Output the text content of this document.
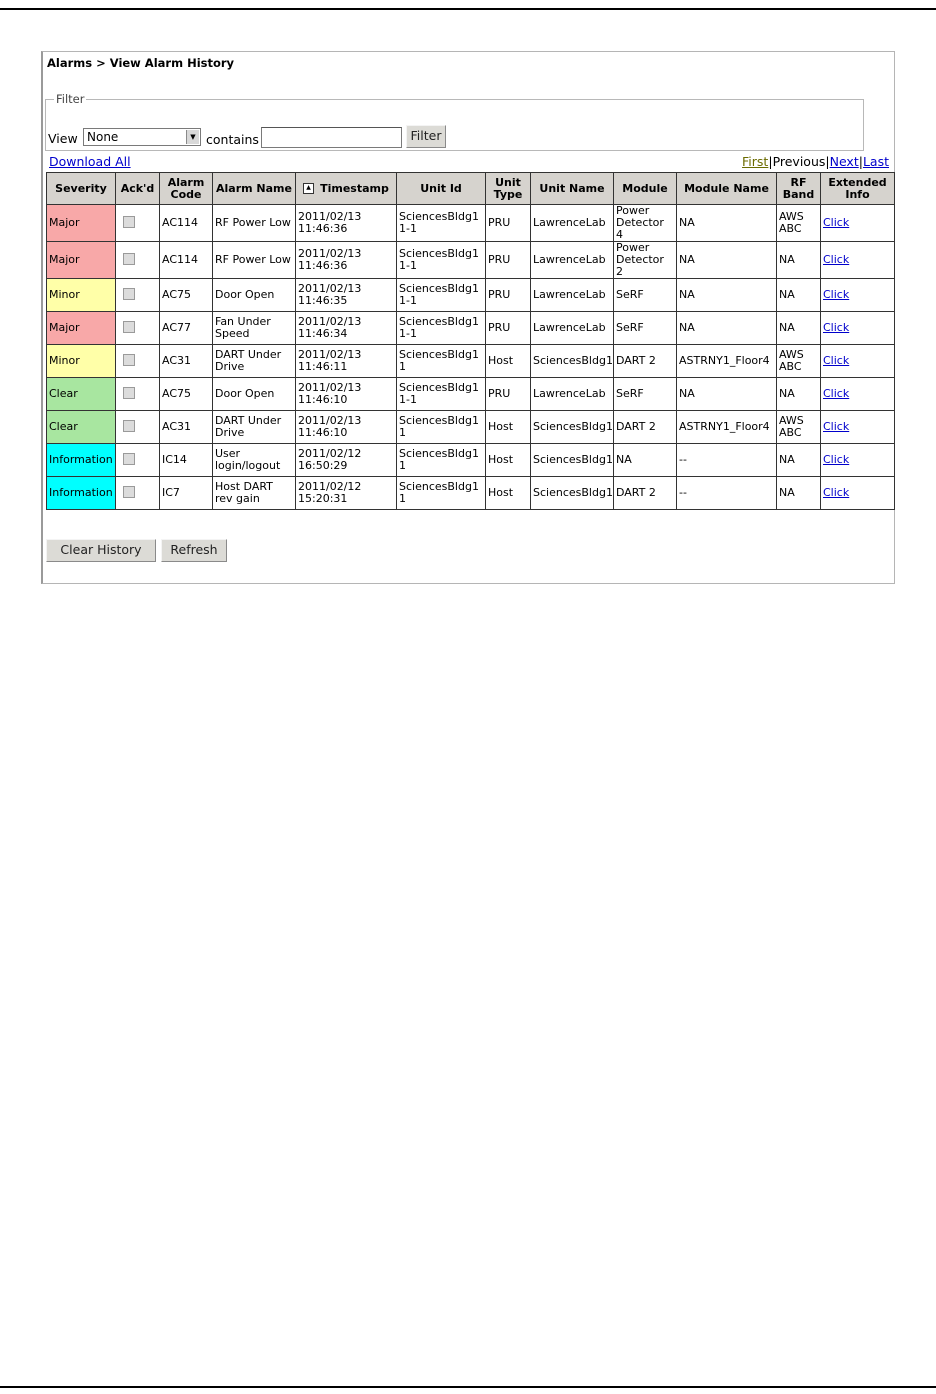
Alarms > View Alarm History
Filter
View None	▼ contains	Filter
Download All	First|Previous|Next|Last
Severity	Ack'd	Alarm Code	Alarm Name	▲ Timestamp	Unit Id	Unit Type	Unit Name	Module	Module Name	RF Band	Extended Info
Major		AC114	RF Power Low	2011/02/13 11:46:36	SciencesBldg1 1-1	PRU	LawrenceLab	Power Detector 4	NA	AWS ABC	Click
Major		AC114	RF Power Low	2011/02/13 11:46:36	SciencesBldg1 1-1	PRU	LawrenceLab	Power Detector 2	NA	NA	Click
Minor		AC75	Door Open	2011/02/13 11:46:35	SciencesBldg1 1-1	PRU	LawrenceLab	SeRF	NA	NA	Click
Major		AC77	Fan Under Speed	2011/02/13 11:46:34	SciencesBldg1 1-1	PRU	LawrenceLab	SeRF	NA	NA	Click
Minor		AC31	DART Under Drive	2011/02/13 11:46:11	SciencesBldg1 1	Host	SciencesBldg1	DART 2	ASTRNY1_Floor4	AWS ABC	Click
Clear		AC75	Door Open	2011/02/13 11:46:10	SciencesBldg1 1-1	PRU	LawrenceLab	SeRF	NA	NA	Click
Clear		AC31	DART Under Drive	2011/02/13 11:46:10	SciencesBldg1 1	Host	SciencesBldg1	DART 2	ASTRNY1_Floor4	AWS ABC	Click
Information		IC14	User login/logout	2011/02/12 16:50:29	SciencesBldg1 1	Host	SciencesBldg1	NA	--	NA	Click
Information		IC7	Host DART rev gain	2011/02/12 15:20:31	SciencesBldg1 1	Host	SciencesBldg1	DART 2	--	NA	Click
Clear History	Refresh
